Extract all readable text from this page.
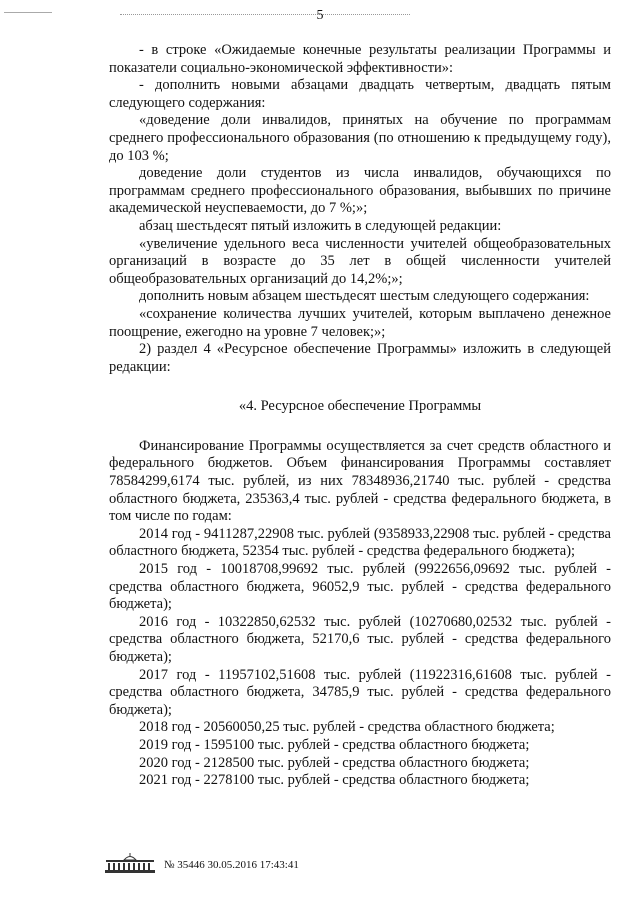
5

- в строке «Ожидаемые конечные результаты реализации Программы и показатели социально-экономической эффективности»:

- дополнить новыми абзацами двадцать четвертым, двадцать пятым следующего содержания:

«доведение доли инвалидов, принятых на обучение по программам среднего профессионального образования (по отношению к предыдущему году), до 103 %;

доведение доли студентов из числа инвалидов, обучающихся по программам среднего профессионального образования, выбывших по причине академической неуспеваемости, до 7 %;»;

абзац шестьдесят пятый изложить в следующей редакции:

«увеличение удельного веса численности учителей общеобразовательных организаций в возрасте до 35 лет в общей численности учителей общеобразовательных организаций до 14,2%;»;

дополнить новым абзацем шестьдесят шестым следующего содержания:

«сохранение количества лучших учителей, которым выплачено денежное поощрение, ежегодно на уровне 7 человек;»;

2) раздел 4 «Ресурсное обеспечение Программы» изложить в следующей редакции:

«4. Ресурсное обеспечение Программы

Финансирование Программы осуществляется за счет средств областного и федерального бюджетов. Объем финансирования Программы составляет 78584299,6174 тыс. рублей, из них 78348936,21740 тыс. рублей - средства областного бюджета, 235363,4 тыс. рублей - средства федерального бюджета, в том числе по годам:

2014 год - 9411287,22908 тыс. рублей (9358933,22908 тыс. рублей - средства областного бюджета, 52354 тыс. рублей - средства федерального бюджета);

2015 год - 10018708,99692 тыс. рублей (9922656,09692 тыс. рублей - средства областного бюджета, 96052,9 тыс. рублей - средства федерального бюджета);

2016 год - 10322850,62532 тыс. рублей (10270680,02532 тыс. рублей - средства областного бюджета, 52170,6 тыс. рублей - средства федерального бюджета);

2017 год - 11957102,51608 тыс. рублей (11922316,61608 тыс. рублей - средства областного бюджета, 34785,9 тыс. рублей - средства федерального бюджета);

2018 год - 20560050,25 тыс. рублей - средства областного бюджета;

2019 год - 1595100 тыс. рублей - средства областного бюджета;

2020 год - 2128500 тыс. рублей - средства областного бюджета;

2021 год - 2278100 тыс. рублей - средства областного бюджета;

№ 35446 30.05.2016 17:43:41
